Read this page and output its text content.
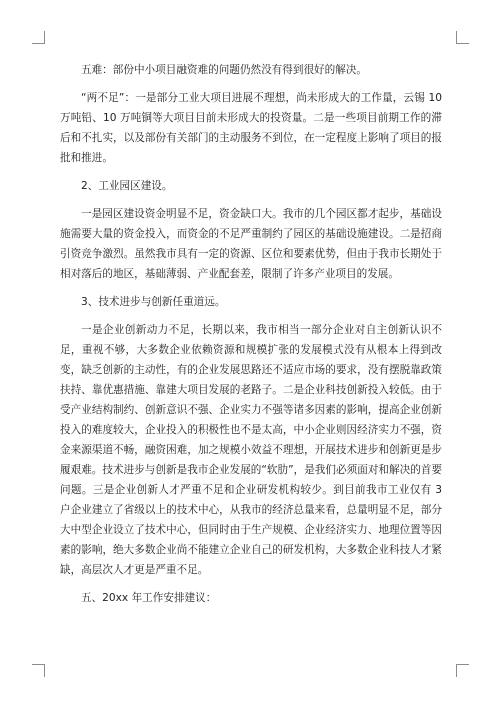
五难：部份中小项目融资难的问题仍然没有得到很好的解决。

“两不足”：一是部分工业大项目进展不理想，尚未形成大的工作量，云锡 10 万吨铅、10 万吨铜等大项目目前未形成大的投资量。二是一些项目前期工作的滞后和不扎实，以及部份有关部门的主动服务不到位，在一定程度上影响了项目的报批和推进。

2、工业园区建设。

一是园区建设资金明显不足，资金缺口大。我市的几个园区都才起步，基础设施需要大量的资金投入，而资金的不足严重制约了园区的基础设施建设。二是招商引资竞争激烈。虽然我市具有一定的资源、区位和要素优势，但由于我市长期处于相对落后的地区，基础薄弱、产业配套差，限制了许多产业项目的发展。

3、技术进步与创新任重道远。

一是企业创新动力不足，长期以来，我市相当一部分企业对自主创新认识不足，重视不够，大多数企业依赖资源和规模扩张的发展模式没有从根本上得到改变，缺乏创新的主动性，有的企业发展思路还不适应市场的要求，没有摆脱靠政策扶持、靠优惠措施、靠建大项目发展的老路子。二是企业科技创新投入较低。由于受产业结构制约、创新意识不强、企业实力不强等诸多因素的影响，提高企业创新投入的难度较大，企业投入的积极性也不是太高，中小企业则因经济实力不强，资金来源渠道不畅，融资困难，加之规模小效益不理想，开展技术进步和创新更是步履艰难。技术进步与创新是我市企业发展的“软肋”，是我们必须面对和解决的首要问题。三是企业创新人才严重不足和企业研发机构较少。到目前我市工业仅有 3 户企业建立了省级以上的技术中心，从我市的经济总量来看，总量明显不足，部分大中型企业设立了技术中心，但同时由于生产规模、企业经济实力、地理位置等因素的影响，绝大多数企业尚不能建立企业自己的研发机构，大多数企业科技人才紧缺，高层次人才更是严重不足。

五、20xx 年工作安排建议：
